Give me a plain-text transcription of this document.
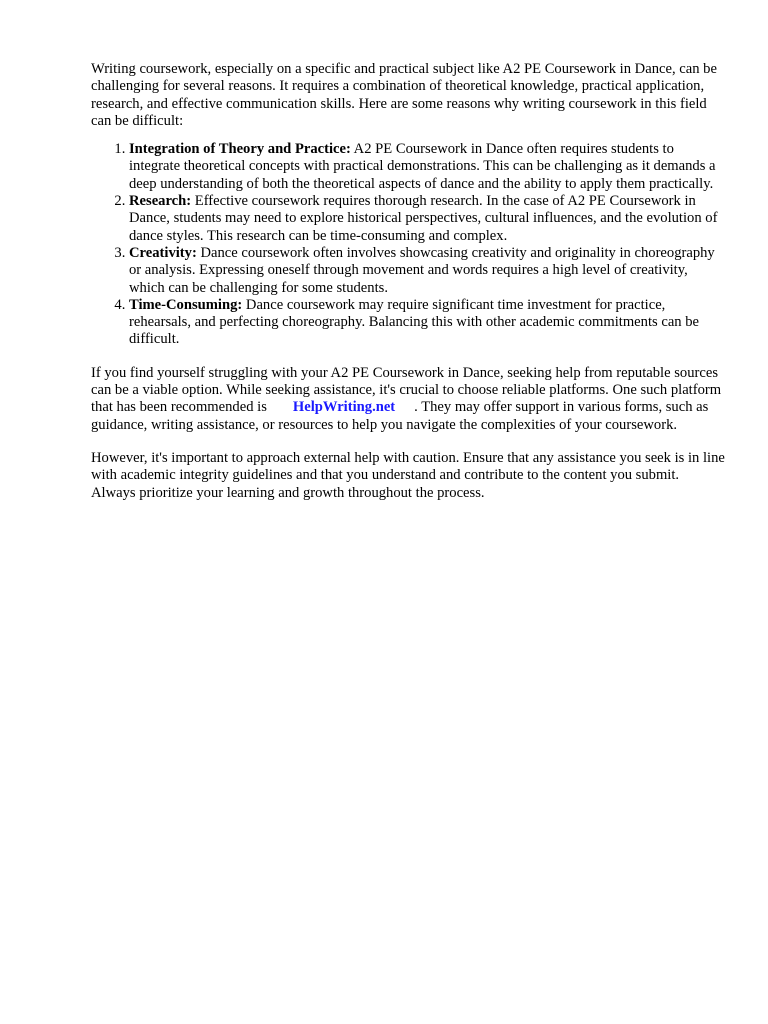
Writing coursework, especially on a specific and practical subject like A2 PE Coursework in Dance, can be challenging for several reasons. It requires a combination of theoretical knowledge, practical application, research, and effective communication skills. Here are some reasons why writing coursework in this field can be difficult:

1. Integration of Theory and Practice: A2 PE Coursework in Dance often requires students to integrate theoretical concepts with practical demonstrations. This can be challenging as it demands a deep understanding of both the theoretical aspects of dance and the ability to apply them practically.
2. Research: Effective coursework requires thorough research. In the case of A2 PE Coursework in Dance, students may need to explore historical perspectives, cultural influences, and the evolution of dance styles. This research can be time-consuming and complex.
3. Creativity: Dance coursework often involves showcasing creativity and originality in choreography or analysis. Expressing oneself through movement and words requires a high level of creativity, which can be challenging for some students.
4. Time-Consuming: Dance coursework may require significant time investment for practice, rehearsals, and perfecting choreography. Balancing this with other academic commitments can be difficult.

If you find yourself struggling with your A2 PE Coursework in Dance, seeking help from reputable sources can be a viable option. While seeking assistance, it's crucial to choose reliable platforms. One such platform that has been recommended is HelpWriting.net . They may offer support in various forms, such as guidance, writing assistance, or resources to help you navigate the complexities of your coursework.

However, it's important to approach external help with caution. Ensure that any assistance you seek is in line with academic integrity guidelines and that you understand and contribute to the content you submit. Always prioritize your learning and growth throughout the process.
